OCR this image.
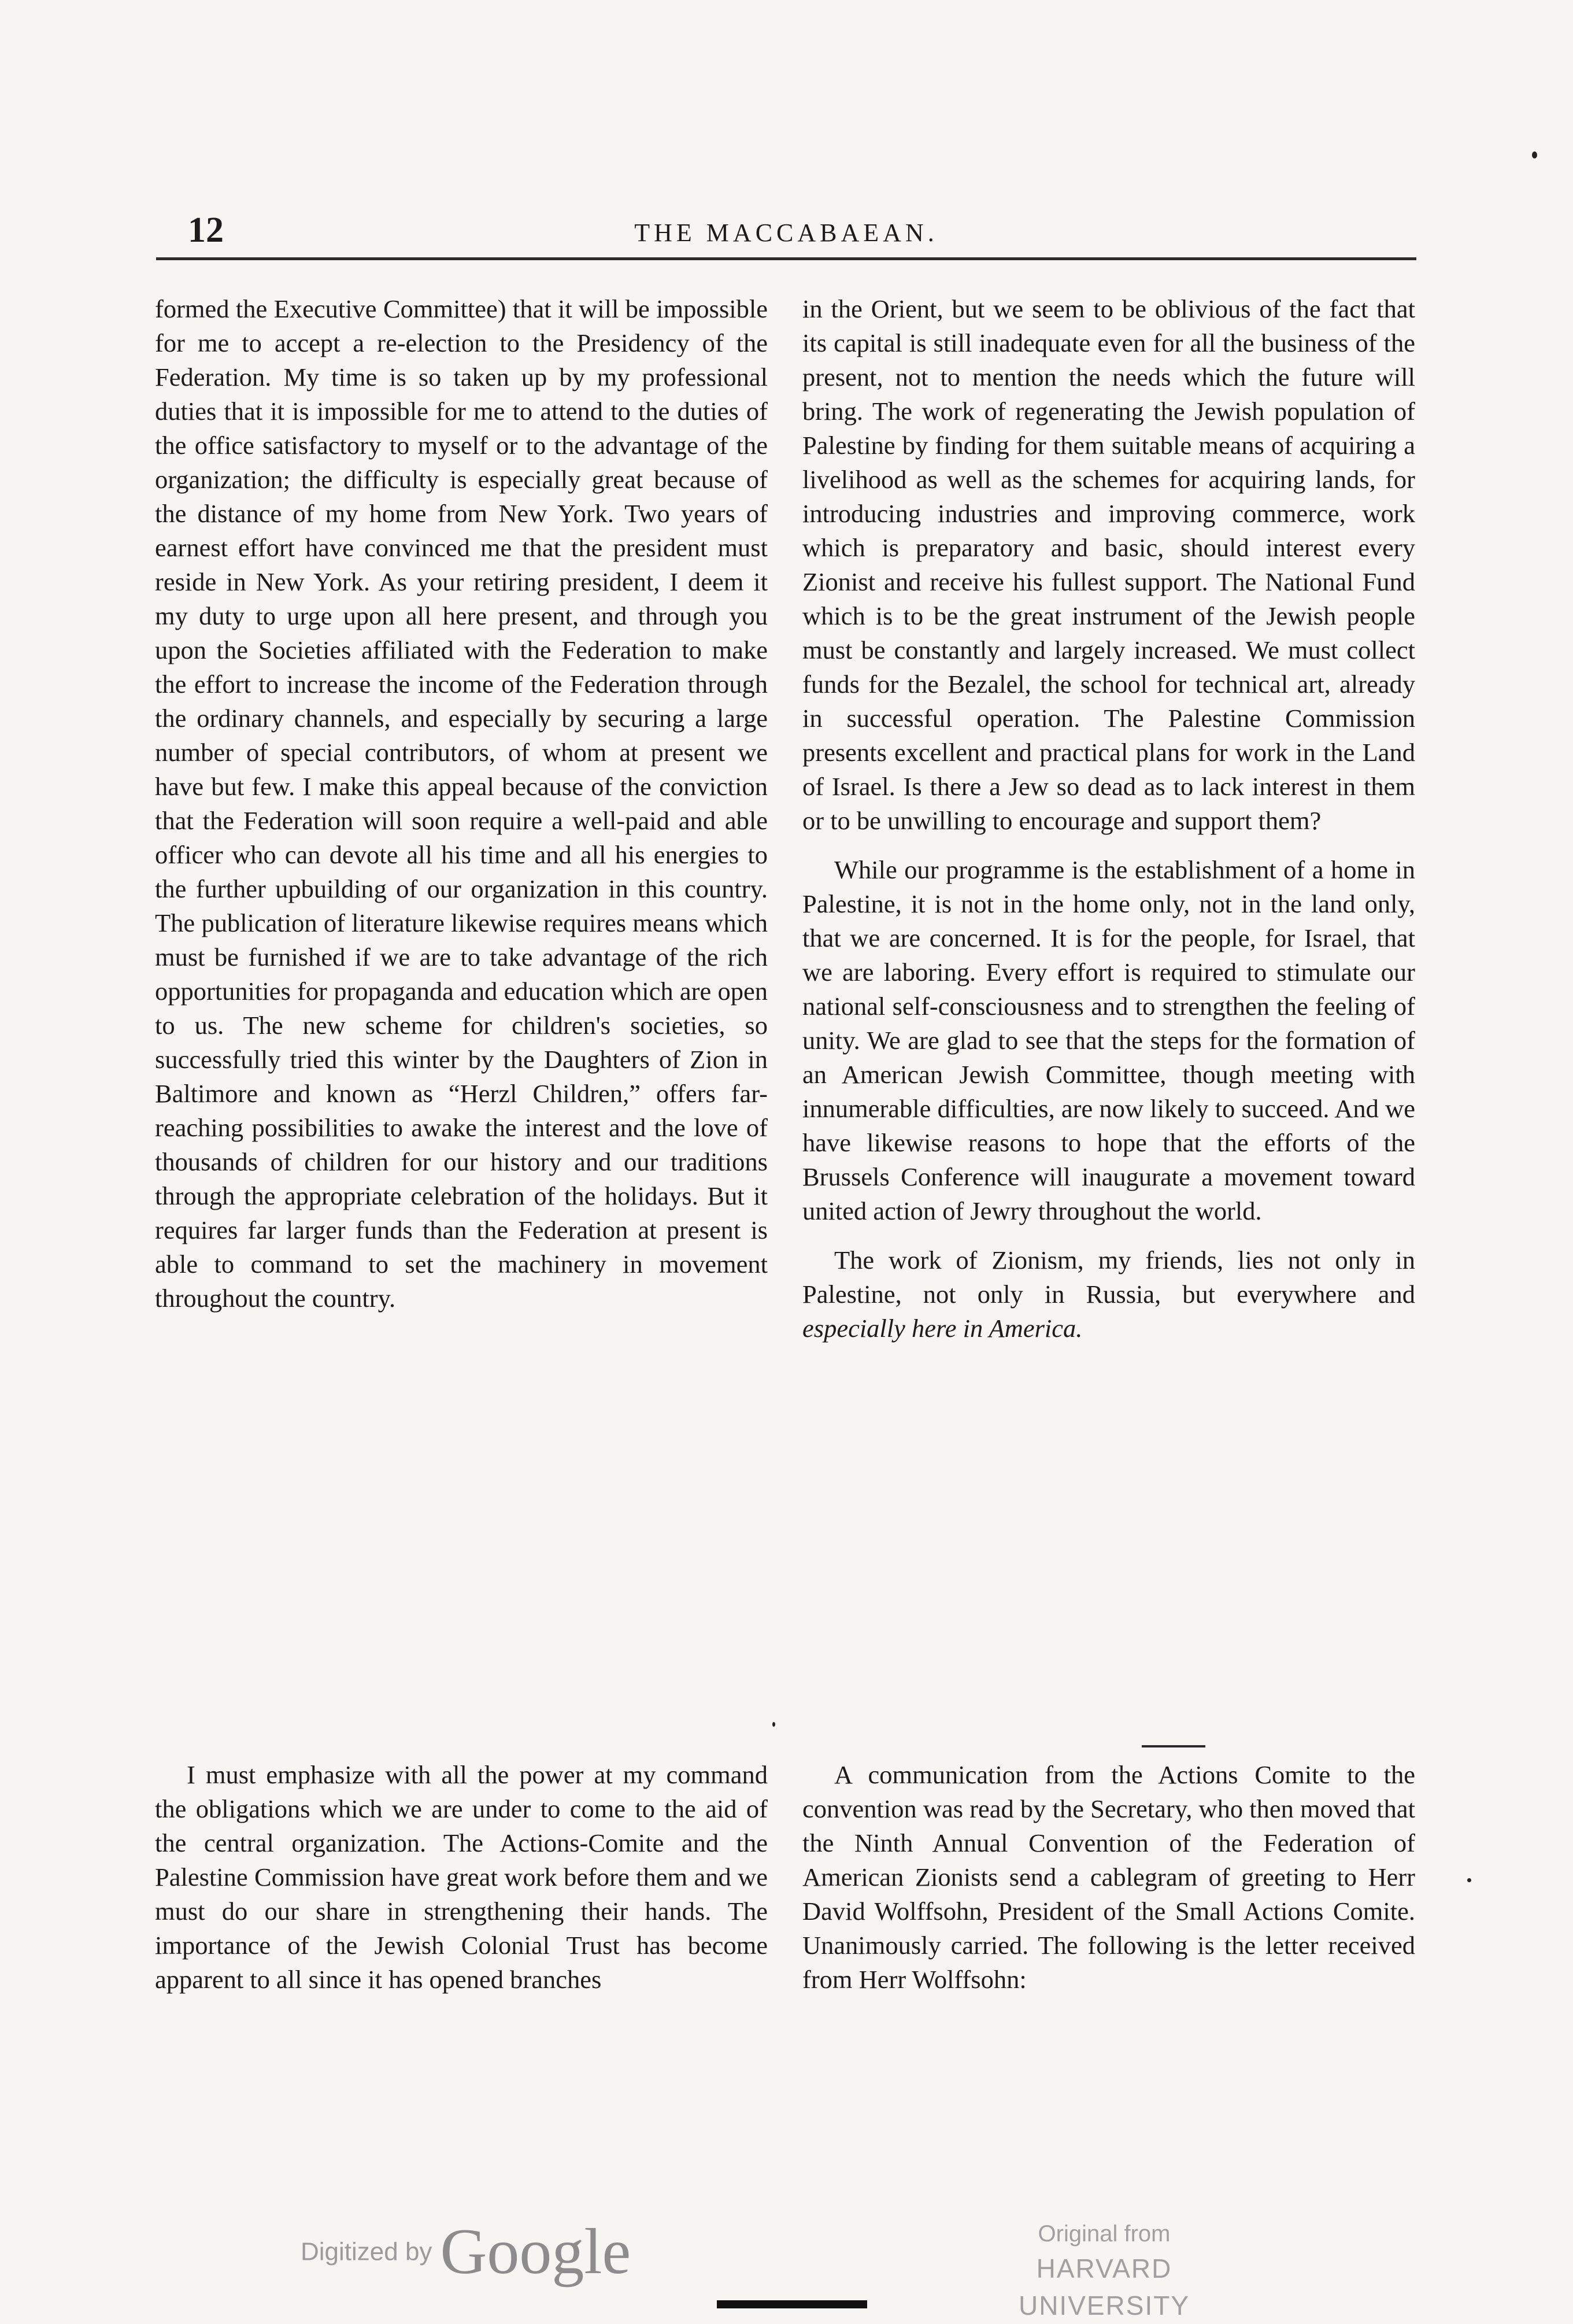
12	THE MACCABAEAN.

formed the Executive Committee) that it will be impossible for me to accept a re-election to the Presidency of the Federation. My time is so taken up by my professional duties that it is impossible for me to attend to the duties of the office satisfactory to myself or to the advantage of the organization; the difficulty is especially great because of the distance of my home from New York. Two years of earnest effort have convinced me that the president must reside in New York. As your retiring president, I deem it my duty to urge upon all here present, and through you upon the Societies affiliated with the Federation to make the effort to increase the income of the Federation through the ordinary channels, and especially by securing a large number of special contributors, of whom at present we have but few. I make this appeal because of the conviction that the Federation will soon require a well-paid and able officer who can devote all his time and all his energies to the further upbuilding of our organization in this country. The publication of literature likewise requires means which must be furnished if we are to take advantage of the rich opportunities for propaganda and education which are open to us. The new scheme for children's societies, so successfully tried this winter by the Daughters of Zion in Baltimore and known as “Herzl Children,” offers far-reaching possibilities to awake the interest and the love of thousands of children for our history and our traditions through the appropriate celebration of the holidays. But it requires far larger funds than the Federation at present is able to command to set the machinery in movement throughout the country.

I must emphasize with all the power at my command the obligations which we are under to come to the aid of the central organization. The Actions-Comite and the Palestine Commission have great work before them and we must do our share in strengthening their hands. The importance of the Jewish Colonial Trust has become apparent to all since it has opened branches

in the Orient, but we seem to be oblivious of the fact that its capital is still inadequate even for all the business of the present, not to mention the needs which the future will bring. The work of regenerating the Jewish population of Palestine by finding for them suitable means of acquiring a livelihood as well as the schemes for acquiring lands, for introducing industries and improving commerce, work which is preparatory and basic, should interest every Zionist and receive his fullest support. The National Fund which is to be the great instrument of the Jewish people must be constantly and largely increased. We must collect funds for the Bezalel, the school for technical art, already in successful operation. The Palestine Commission presents excellent and practical plans for work in the Land of Israel. Is there a Jew so dead as to lack interest in them or to be unwilling to encourage and support them?

While our programme is the establishment of a home in Palestine, it is not in the home only, not in the land only, that we are concerned. It is for the people, for Israel, that we are laboring. Every effort is required to stimulate our national self-consciousness and to strengthen the feeling of unity. We are glad to see that the steps for the formation of an American Jewish Committee, though meeting with innumerable difficulties, are now likely to succeed. And we have likewise reasons to hope that the efforts of the Brussels Conference will inaugurate a movement toward united action of Jewry throughout the world.

The work of Zionism, my friends, lies not only in Palestine, not only in Russia, but everywhere and especially here in America.

A communication from the Actions Comite to the convention was read by the Secretary, who then moved that the Ninth Annual Convention of the Federation of American Zionists send a cablegram of greeting to Herr David Wolffsohn, President of the Small Actions Comite. Unanimously carried. The following is the letter received from Herr Wolffsohn:

Digitized by Google	Original from
HARVARD UNIVERSITY
